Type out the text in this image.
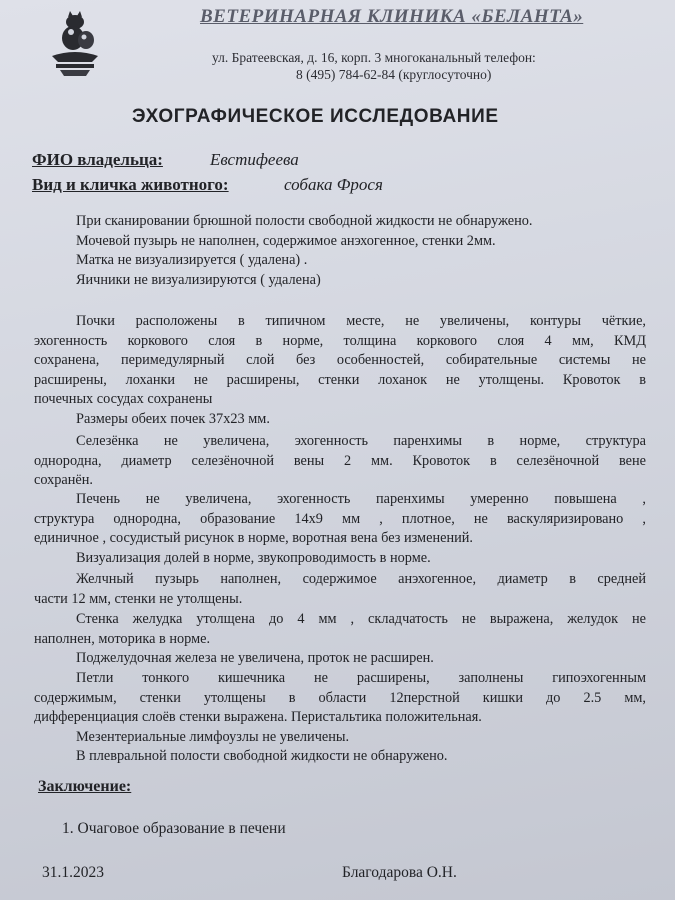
ВЕТЕРИНАРНАЯ КЛИНИКА «БЕЛАНТА»
ул. Братеевская, д. 16, корп. 3 многоканальный телефон:
8 (495) 784-62-84 (круглосуточно)
ЭХОГРАФИЧЕСКОЕ ИССЛЕДОВАНИЕ
ФИО владельца:	Евстифеева
Вид и кличка животного:	собака Фрося
При сканировании брюшной полости свободной жидкости не обнаружено.
Мочевой пузырь не наполнен, содержимое анэхогенное, стенки 2мм.
Матка не визуализируется ( удалена) .
Яичники не визуализируются ( удалена)
Почки расположены в типичном месте, не увеличены, контуры чёткие,
эхогенность коркового слоя в норме, толщина коркового слоя 4 мм, КМД
сохранена, перимедулярный слой без особенностей, собирательные системы не
расширены, лоханки не расширены, стенки лоханок не утолщены. Кровоток в
почечных сосудах сохранены
Размеры обеих почек 37х23 мм.
Селезёнка не увеличена, эхогенность паренхимы в норме, структура
однородна, диаметр селезёночной вены 2 мм. Кровоток в селезёночной вене
сохранён.
Печень не увеличена, эхогенность паренхимы умеренно повышена ,
структура однородна, образование 14х9 мм , плотное, не васкуляризировано ,
единичное , сосудистый рисунок в норме, воротная вена без изменений.
Визуализация долей в норме, звукопроводимость в норме.
Желчный пузырь наполнен, содержимое анэхогенное, диаметр в средней
части 12 мм, стенки не утолщены.
Стенка желудка утолщена до 4 мм , складчатость не выражена, желудок не
наполнен, моторика в норме.
Поджелудочная железа не увеличена, проток не расширен.
Петли тонкого кишечника не расширены, заполнены гипоэхогенным
содержимым, стенки утолщены в области 12перстной кишки до 2.5 мм,
дифференциация слоёв стенки выражена. Перистальтика положительная.
Мезентериальные лимфоузлы не увеличены.
В плевральной полости свободной жидкости не обнаружено.
Заключение:
1. Очаговое образование в печени
31.1.2023	Благодарова О.Н.
